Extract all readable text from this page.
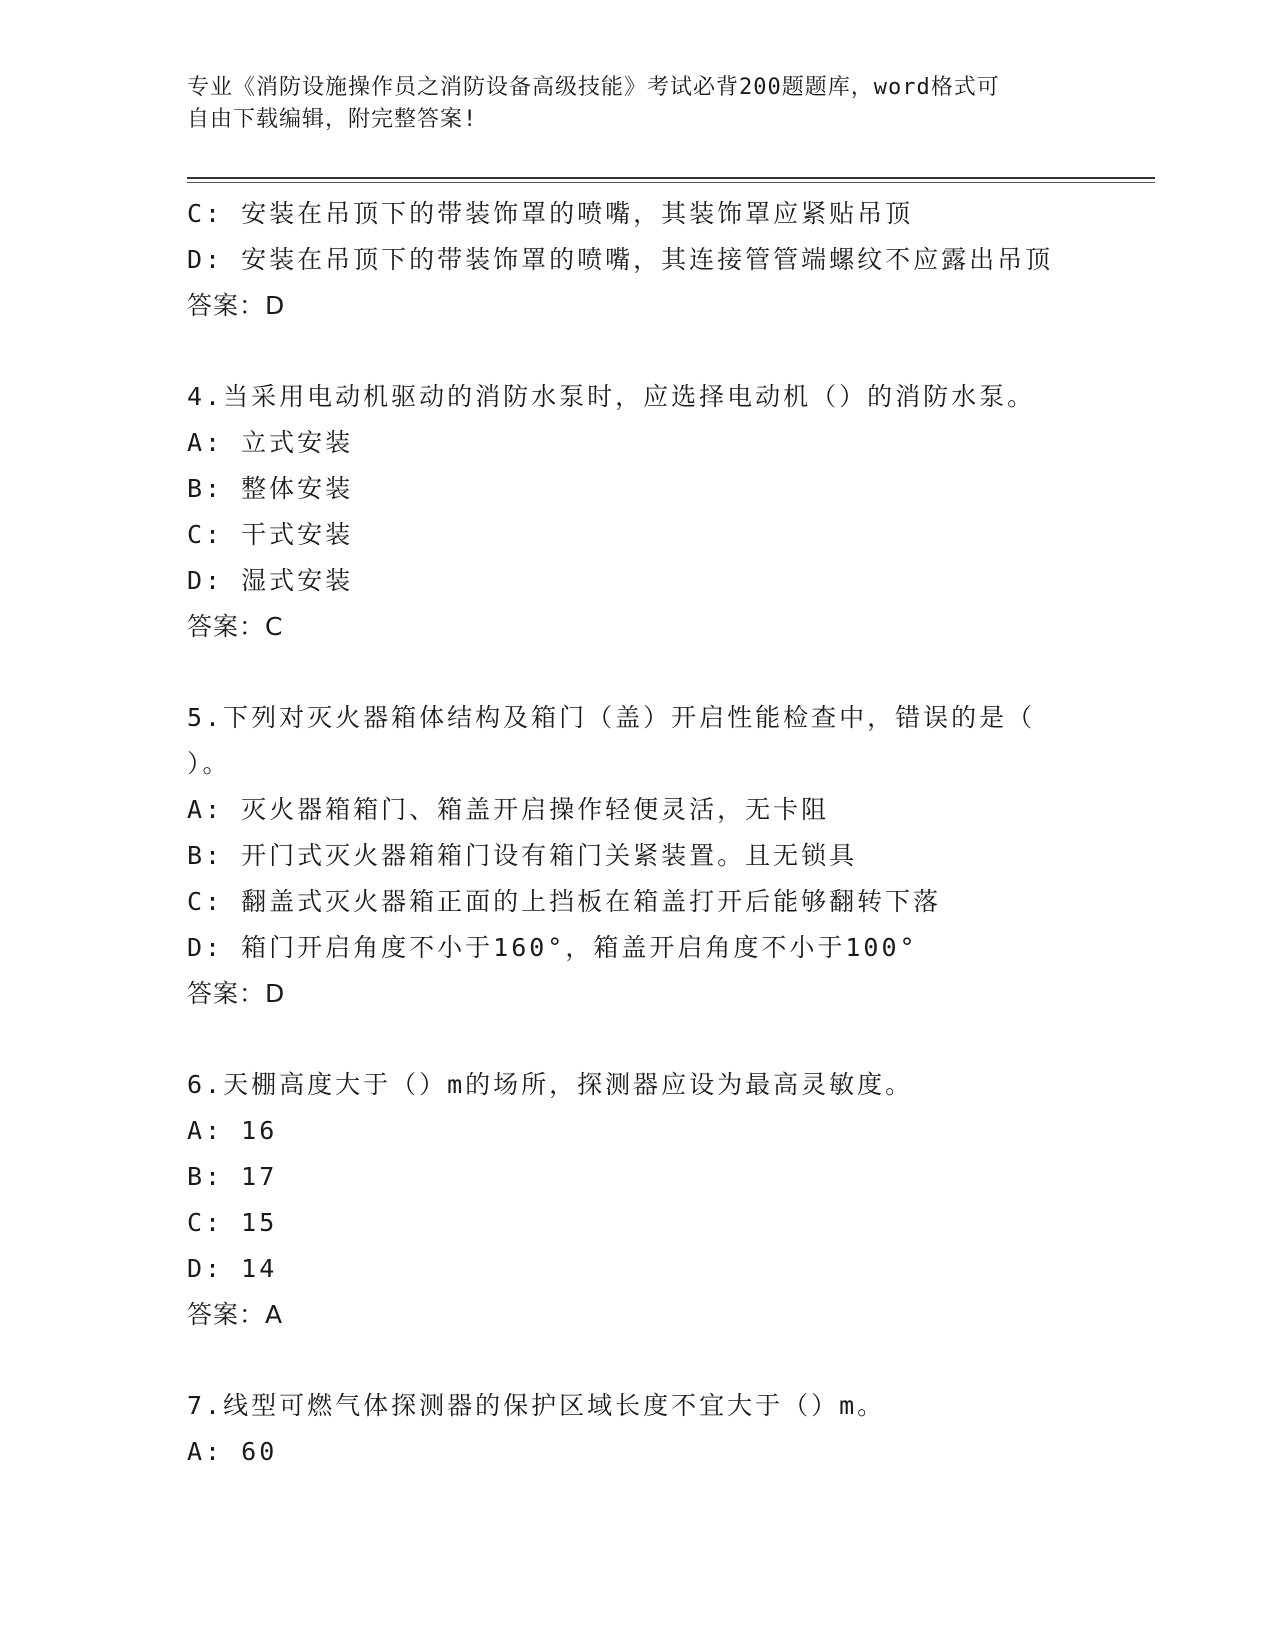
专业《消防设施操作员之消防设备高级技能》考试必背200题题库，word格式可
自由下载编辑，附完整答案!
C: 安装在吊顶下的带装饰罩的喷嘴，其装饰罩应紧贴吊顶
D: 安装在吊顶下的带装饰罩的喷嘴，其连接管管端螺纹不应露出吊顶
答案：D
4.当采用电动机驱动的消防水泵时，应选择电动机（）的消防水泵。
A: 立式安装
B: 整体安装
C: 干式安装
D: 湿式安装
答案：C
5.下列对灭火器箱体结构及箱门（盖）开启性能检查中，错误的是（
）。
A: 灭火器箱箱门、箱盖开启操作轻便灵活，无卡阻
B: 开门式灭火器箱箱门设有箱门关紧装置。且无锁具
C: 翻盖式灭火器箱正面的上挡板在箱盖打开后能够翻转下落
D: 箱门开启角度不小于160°，箱盖开启角度不小于100°
答案：D
6.天棚高度大于（）m的场所，探测器应设为最高灵敏度。
A: 16
B: 17
C: 15
D: 14
答案：A
7.线型可燃气体探测器的保护区域长度不宜大于（）m。
A: 60
